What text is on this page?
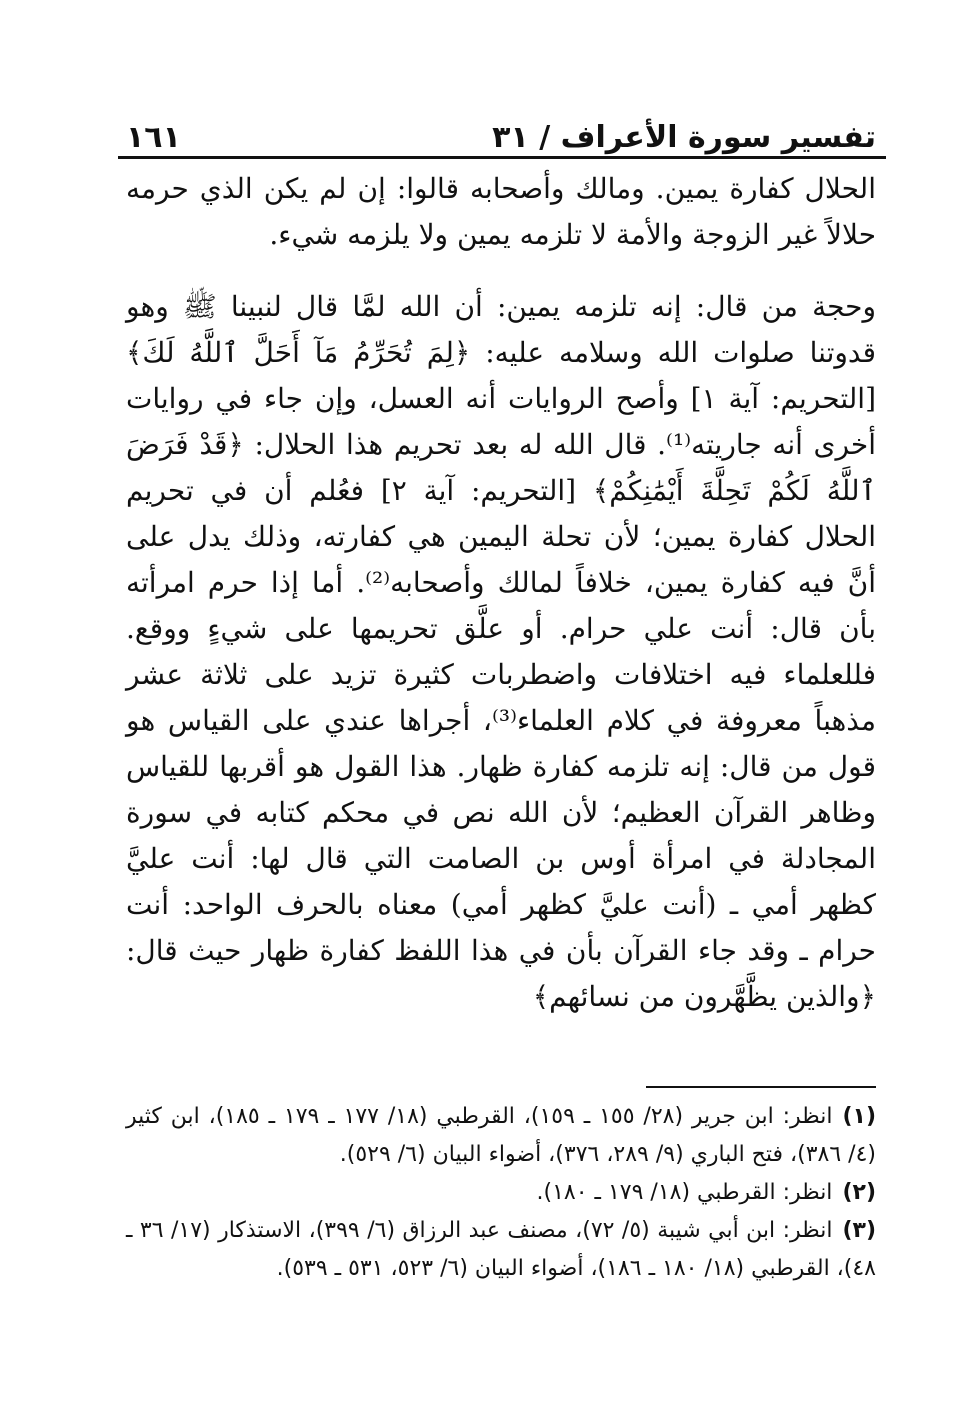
تفسير سورة الأعراف / ٣١
١٦١

الحلال كفارة يمين. ومالك وأصحابه قالوا: إن لم يكن الذي حرمه حلالاً غير الزوجة والأمة لا تلزمه يمين ولا يلزمه شيء.

وحجة من قال: إنه تلزمه يمين: أن الله لمَّا قال لنبينا ﷺ وهو قدوتنا صلوات الله وسلامه عليه: ﴿لِمَ تُحَرِّمُ مَآ أَحَلَّ ٱللَّهُ لَكَ﴾ [التحريم: آية ١] وأصح الروايات أنه العسل، وإن جاء في روايات أخرى أنه جاريته⁽¹⁾. قال الله له بعد تحريم هذا الحلال: ﴿قَدْ فَرَضَ ٱللَّهُ لَكُمْ تَحِلَّةَ أَيْمَٰنِكُمْ﴾ [التحريم: آية ٢] فعُلم أن في تحريم الحلال كفارة يمين؛ لأن تحلة اليمين هي كفارته، وذلك يدل على أنَّ فيه كفارة يمين، خلافاً لمالك وأصحابه⁽²⁾. أما إذا حرم امرأته بأن قال: أنت علي حرام. أو علَّق تحريمها على شيءٍ ووقع. فللعلماء فيه اختلافات واضطربات كثيرة تزيد على ثلاثة عشر مذهباً معروفة في كلام العلماء⁽³⁾، أجراها عندي على القياس هو قول من قال: إنه تلزمه كفارة ظهار. هذا القول هو أقربها للقياس وظاهر القرآن العظيم؛ لأن الله نص في محكم كتابه في سورة المجادلة في امرأة أوس بن الصامت التي قال لها: أنت عليَّ كظهر أمي ـ (أنت عليَّ كظهر أمي) معناه بالحرف الواحد: أنت حرام ـ وقد جاء القرآن بأن في هذا اللفظ كفارة ظهار حيث قال: ﴿والذين يظَّهَّرون من نسائهم﴾

(١)انظر: ابن جرير (٢٨/ ١٥٥ ـ ١٥٩)، القرطبي (١٨/ ١٧٧ ـ ١٧٩ ـ ١٨٥)، ابن كثير (٤/ ٣٨٦)، فتح الباري (٩/ ٢٨٩، ٣٧٦)، أضواء البيان (٦/ ٥٢٩).

(٢)انظر: القرطبي (١٨/ ١٧٩ ـ ١٨٠).

(٣)انظر: ابن أبي شيبة (٥/ ٧٢)، مصنف عبد الرزاق (٦/ ٣٩٩)، الاستذكار (١٧/ ٣٦ ـ ٤٨)، القرطبي (١٨/ ١٨٠ ـ ١٨٦)، أضواء البيان (٦/ ٥٢٣، ٥٣١ ـ ٥٣٩).
